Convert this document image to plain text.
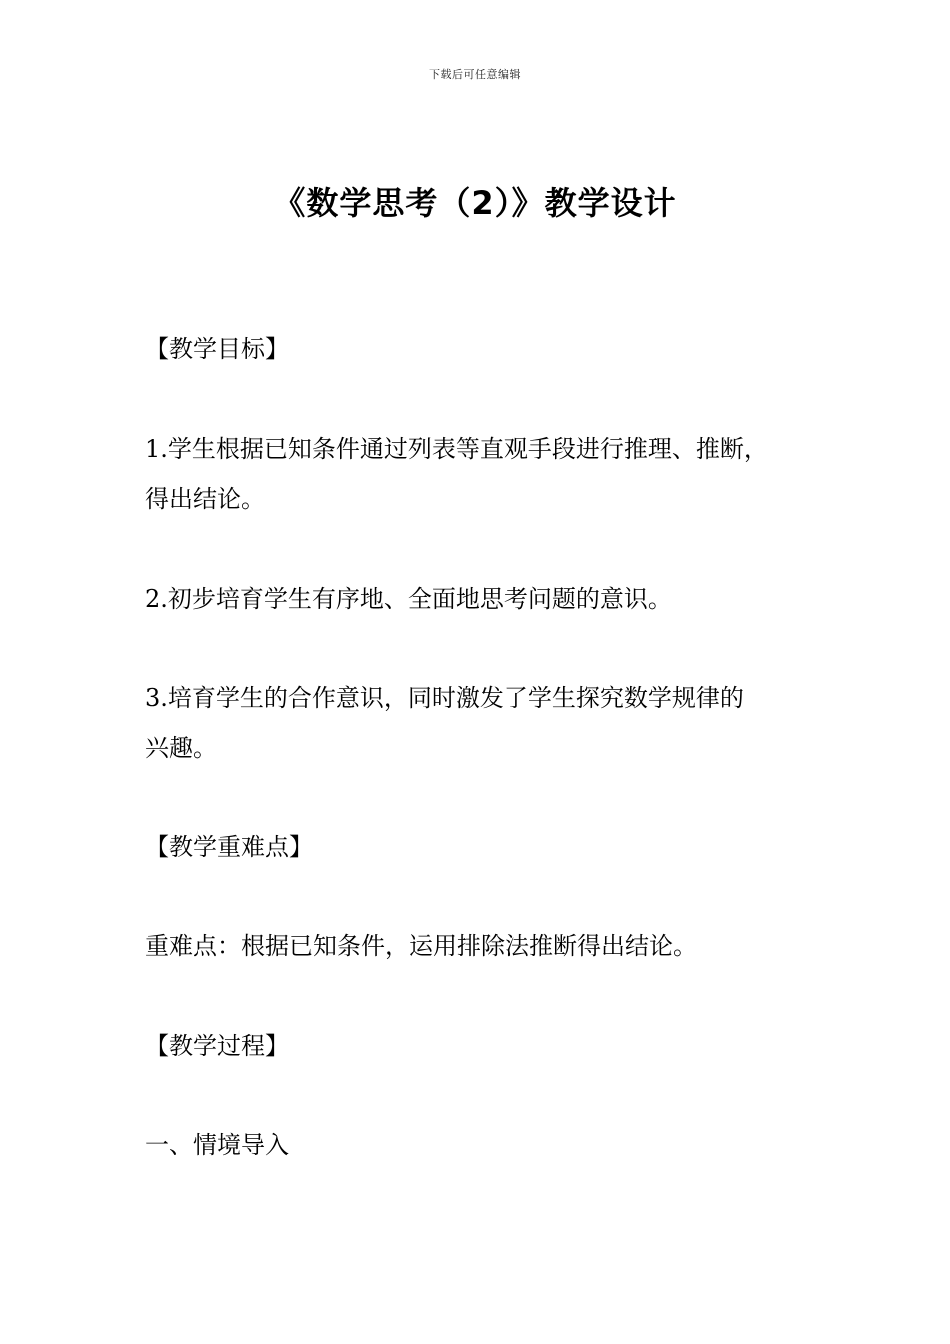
下载后可任意编辑
《数学思考（2）》教学设计
【教学目标】
1.学生根据已知条件通过列表等直观手段进行推理、推断，
得出结论。
2.初步培育学生有序地、全面地思考问题的意识。
3.培育学生的合作意识，同时激发了学生探究数学规律的
兴趣。
【教学重难点】
重难点：根据已知条件，运用排除法推断得出结论。
【教学过程】
一、情境导入
